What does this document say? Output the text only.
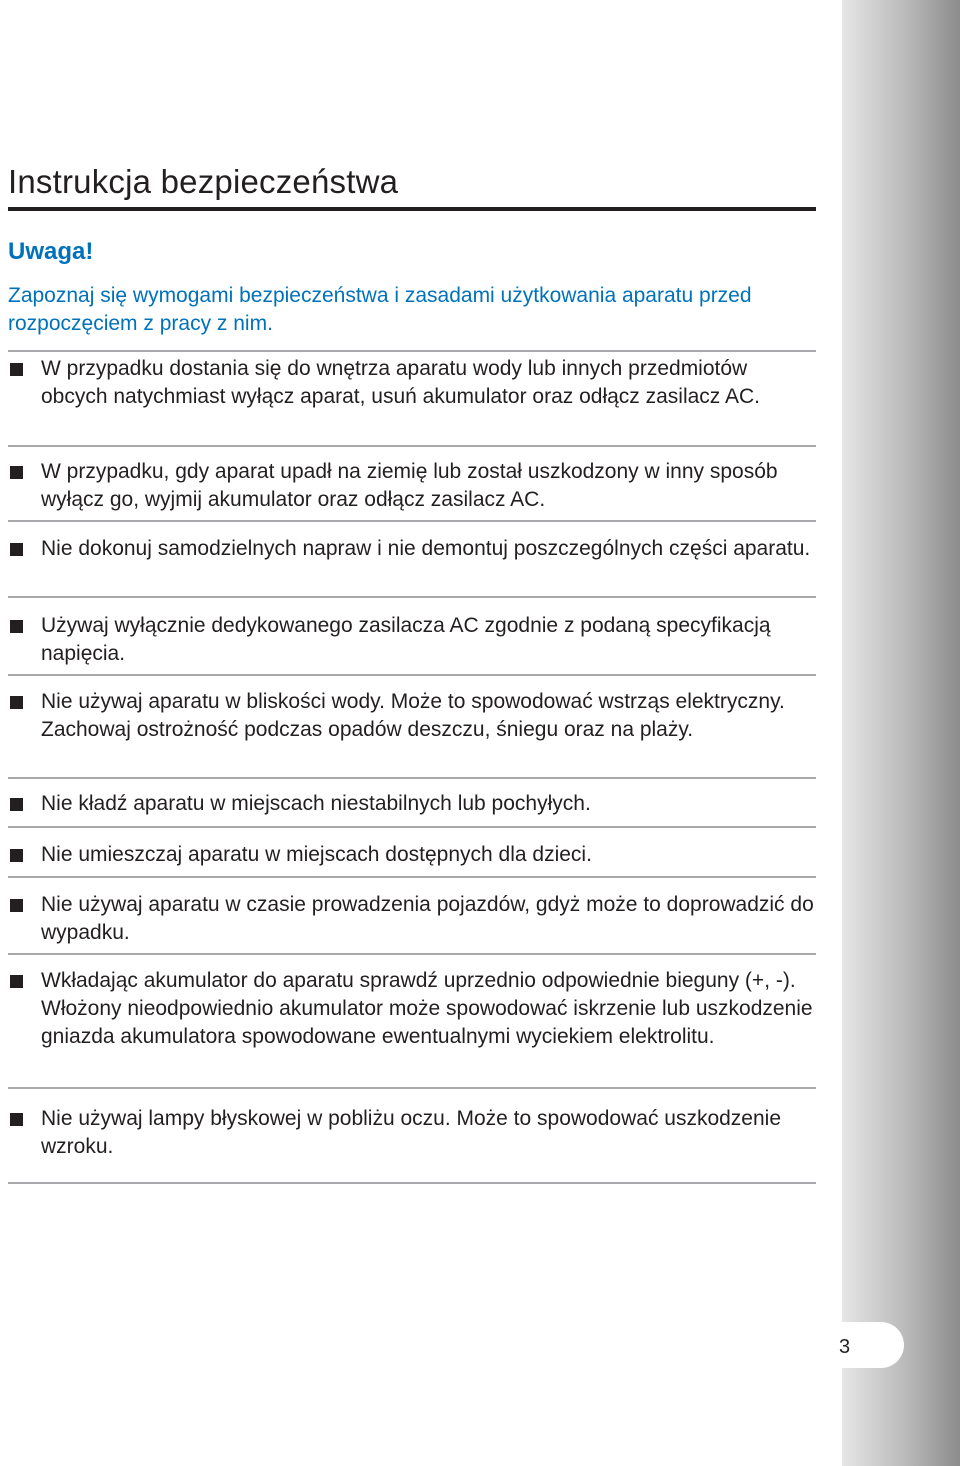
3
Instrukcja bezpieczeństwa
Uwaga!

Zapoznaj się wymogami bezpieczeństwa i zasadami użytkowania aparatu przed rozpoczęciem z pracy z nim.

W przypadku dostania się do wnętrza aparatu wody lub innych przedmiotów obcych natychmiast wyłącz aparat, usuń akumulator oraz odłącz zasilacz AC.

W przypadku, gdy aparat upadł na ziemię lub został uszkodzony w inny sposób wyłącz go, wyjmij akumulator oraz odłącz zasilacz AC.

Nie dokonuj samodzielnych napraw i nie demontuj poszczególnych części aparatu.

Używaj wyłącznie dedykowanego zasilacza AC zgodnie z podaną specyfikacją napięcia.

Nie używaj aparatu w bliskości wody. Może to spowodować wstrząs elektryczny. Zachowaj ostrożność podczas opadów deszczu, śniegu oraz na plaży.

Nie kładź aparatu w miejscach niestabilnych lub pochyłych.

Nie umieszczaj aparatu w miejscach dostępnych dla dzieci.

Nie używaj aparatu w czasie prowadzenia pojazdów, gdyż może to doprowadzić do wypadku.

Wkładając akumulator do aparatu sprawdź uprzednio odpowiednie bieguny (+, -). Włożony nieodpowiednio akumulator może spowodować iskrzenie lub uszkodzenie gniazda akumulatora spowodowane ewentualnymi wyciekiem elektrolitu.

Nie używaj lampy błyskowej w pobliżu oczu. Może to spowodować uszkodzenie wzroku.
